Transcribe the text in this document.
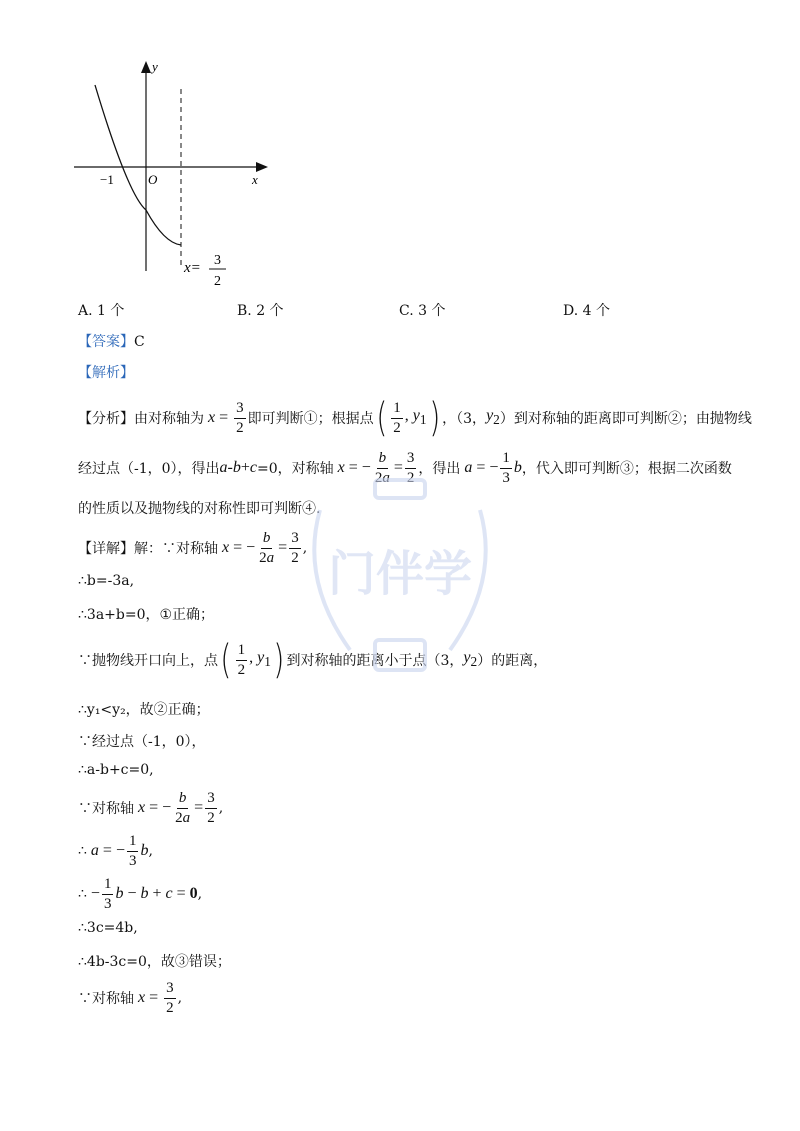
y
x
O
−1
x= 3
2
A. 1 个	B. 2 个	C. 3 个	D. 4 个
【答案】C
【解析】
【分析】 由对称轴为 $x = \frac{3}{2}$ 即可判断①；根据点 ( $\frac{1}{2}$ , $y_1$ ) ，（3， $y_2$ ）到对称轴的距离即可判断②；由抛物线
经过点（-1，0），得出 a-b+c =0，对称轴 x = − $\frac{b}{2a} = \frac{3}{2}$ ，得出 a = − $\frac{1}{3}$ b ，代入即可判断③；根据二次函数
的性质以及抛物线的对称性即可判断④.
【详解】 解：∵对称轴 x = − $\frac{b}{2a} = \frac{3}{2}$ ,
∴b=-3a,
∴3a+b=0，①正确；
∵抛物线开口向上，点 ( $\frac{1}{2}$ , $y_1$ ) 到对称轴的距离小于点（3， $y_2$ ）的距离，
∴y₁<y₂，故②正确；
∵经过点（-1，0），
∴a-b+c=0,
∵对称轴 x = − $\frac{b}{2a} = \frac{3}{2}$ ,
∴ a = − $\frac{1}{3}$ b ,
∴ − $\frac{1}{3}$ b − b + c = 0 ,
∴3c=4b,
∴4b-3c=0，故③错误；
∵对称轴 $x = \frac{3}{2}$ ,
门伴学
